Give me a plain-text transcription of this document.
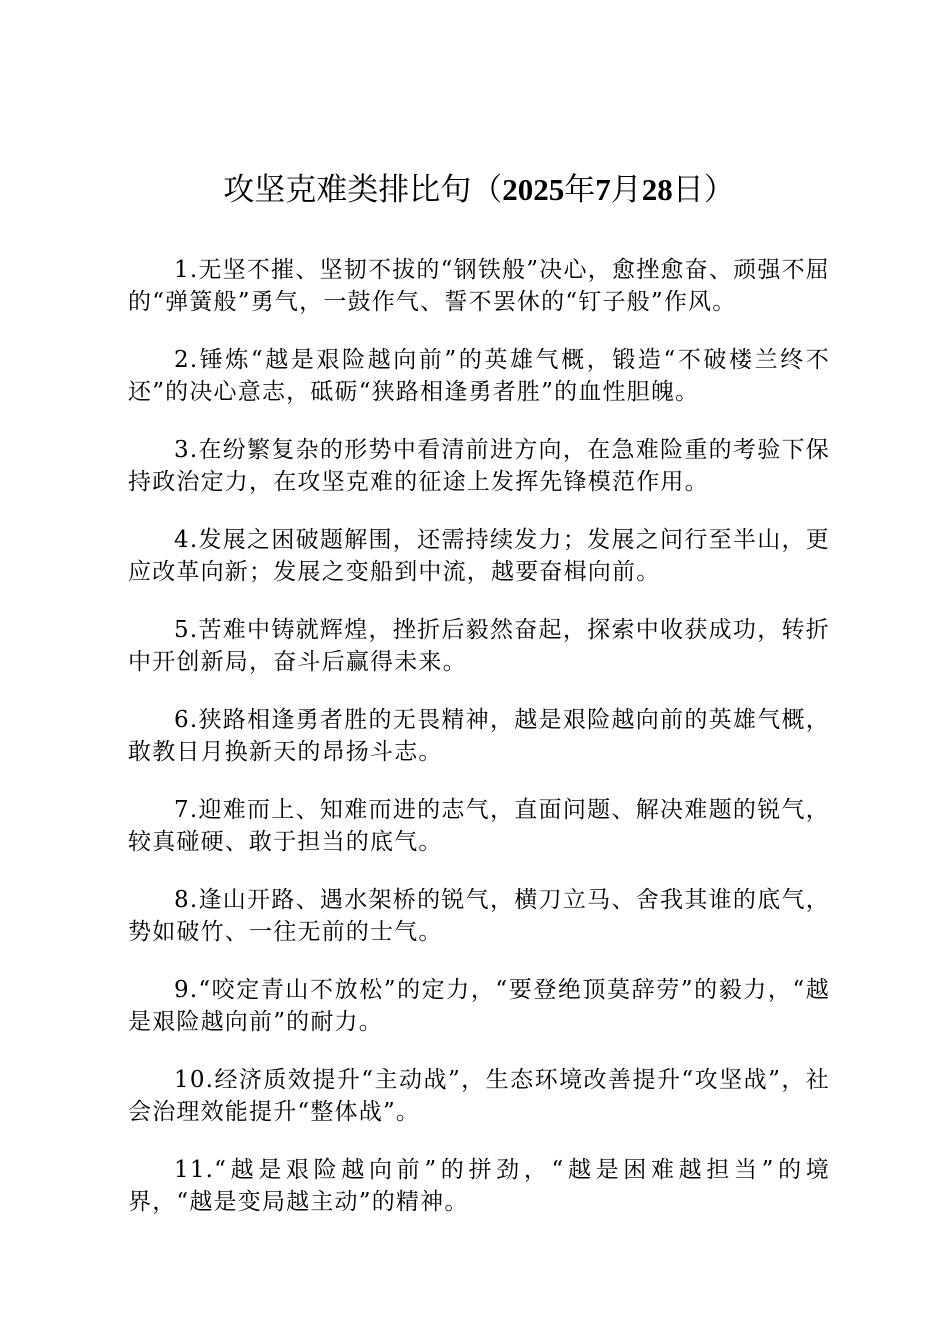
攻坚克难类排比句（2025年7月28日）

1.无坚不摧、坚韧不拔的“钢铁般”决心，愈挫愈奋、顽强不屈的“弹簧般”勇气，一鼓作气、誓不罢休的“钉子般”作风。

2.锤炼“越是艰险越向前”的英雄气概，锻造“不破楼兰终不还”的决心意志，砥砺“狭路相逢勇者胜”的血性胆魄。

3.在纷繁复杂的形势中看清前进方向，在急难险重的考验下保持政治定力，在攻坚克难的征途上发挥先锋模范作用。

4.发展之困破题解围，还需持续发力；发展之问行至半山，更应改革向新；发展之变船到中流，越要奋楫向前。

5.苦难中铸就辉煌，挫折后毅然奋起，探索中收获成功，转折中开创新局，奋斗后赢得未来。

6.狭路相逢勇者胜的无畏精神，越是艰险越向前的英雄气概，敢教日月换新天的昂扬斗志。

7.迎难而上、知难而进的志气，直面问题、解决难题的锐气，较真碰硬、敢于担当的底气。

8.逢山开路、遇水架桥的锐气，横刀立马、舍我其谁的底气，势如破竹、一往无前的士气。

9.“咬定青山不放松”的定力，“要登绝顶莫辞劳”的毅力，“越是艰险越向前”的耐力。

10.经济质效提升“主动战”，生态环境改善提升“攻坚战”，社会治理效能提升“整体战”。

11.“越是艰险越向前”的拼劲，“越是困难越担当”的境界，“越是变局越主动”的精神。
